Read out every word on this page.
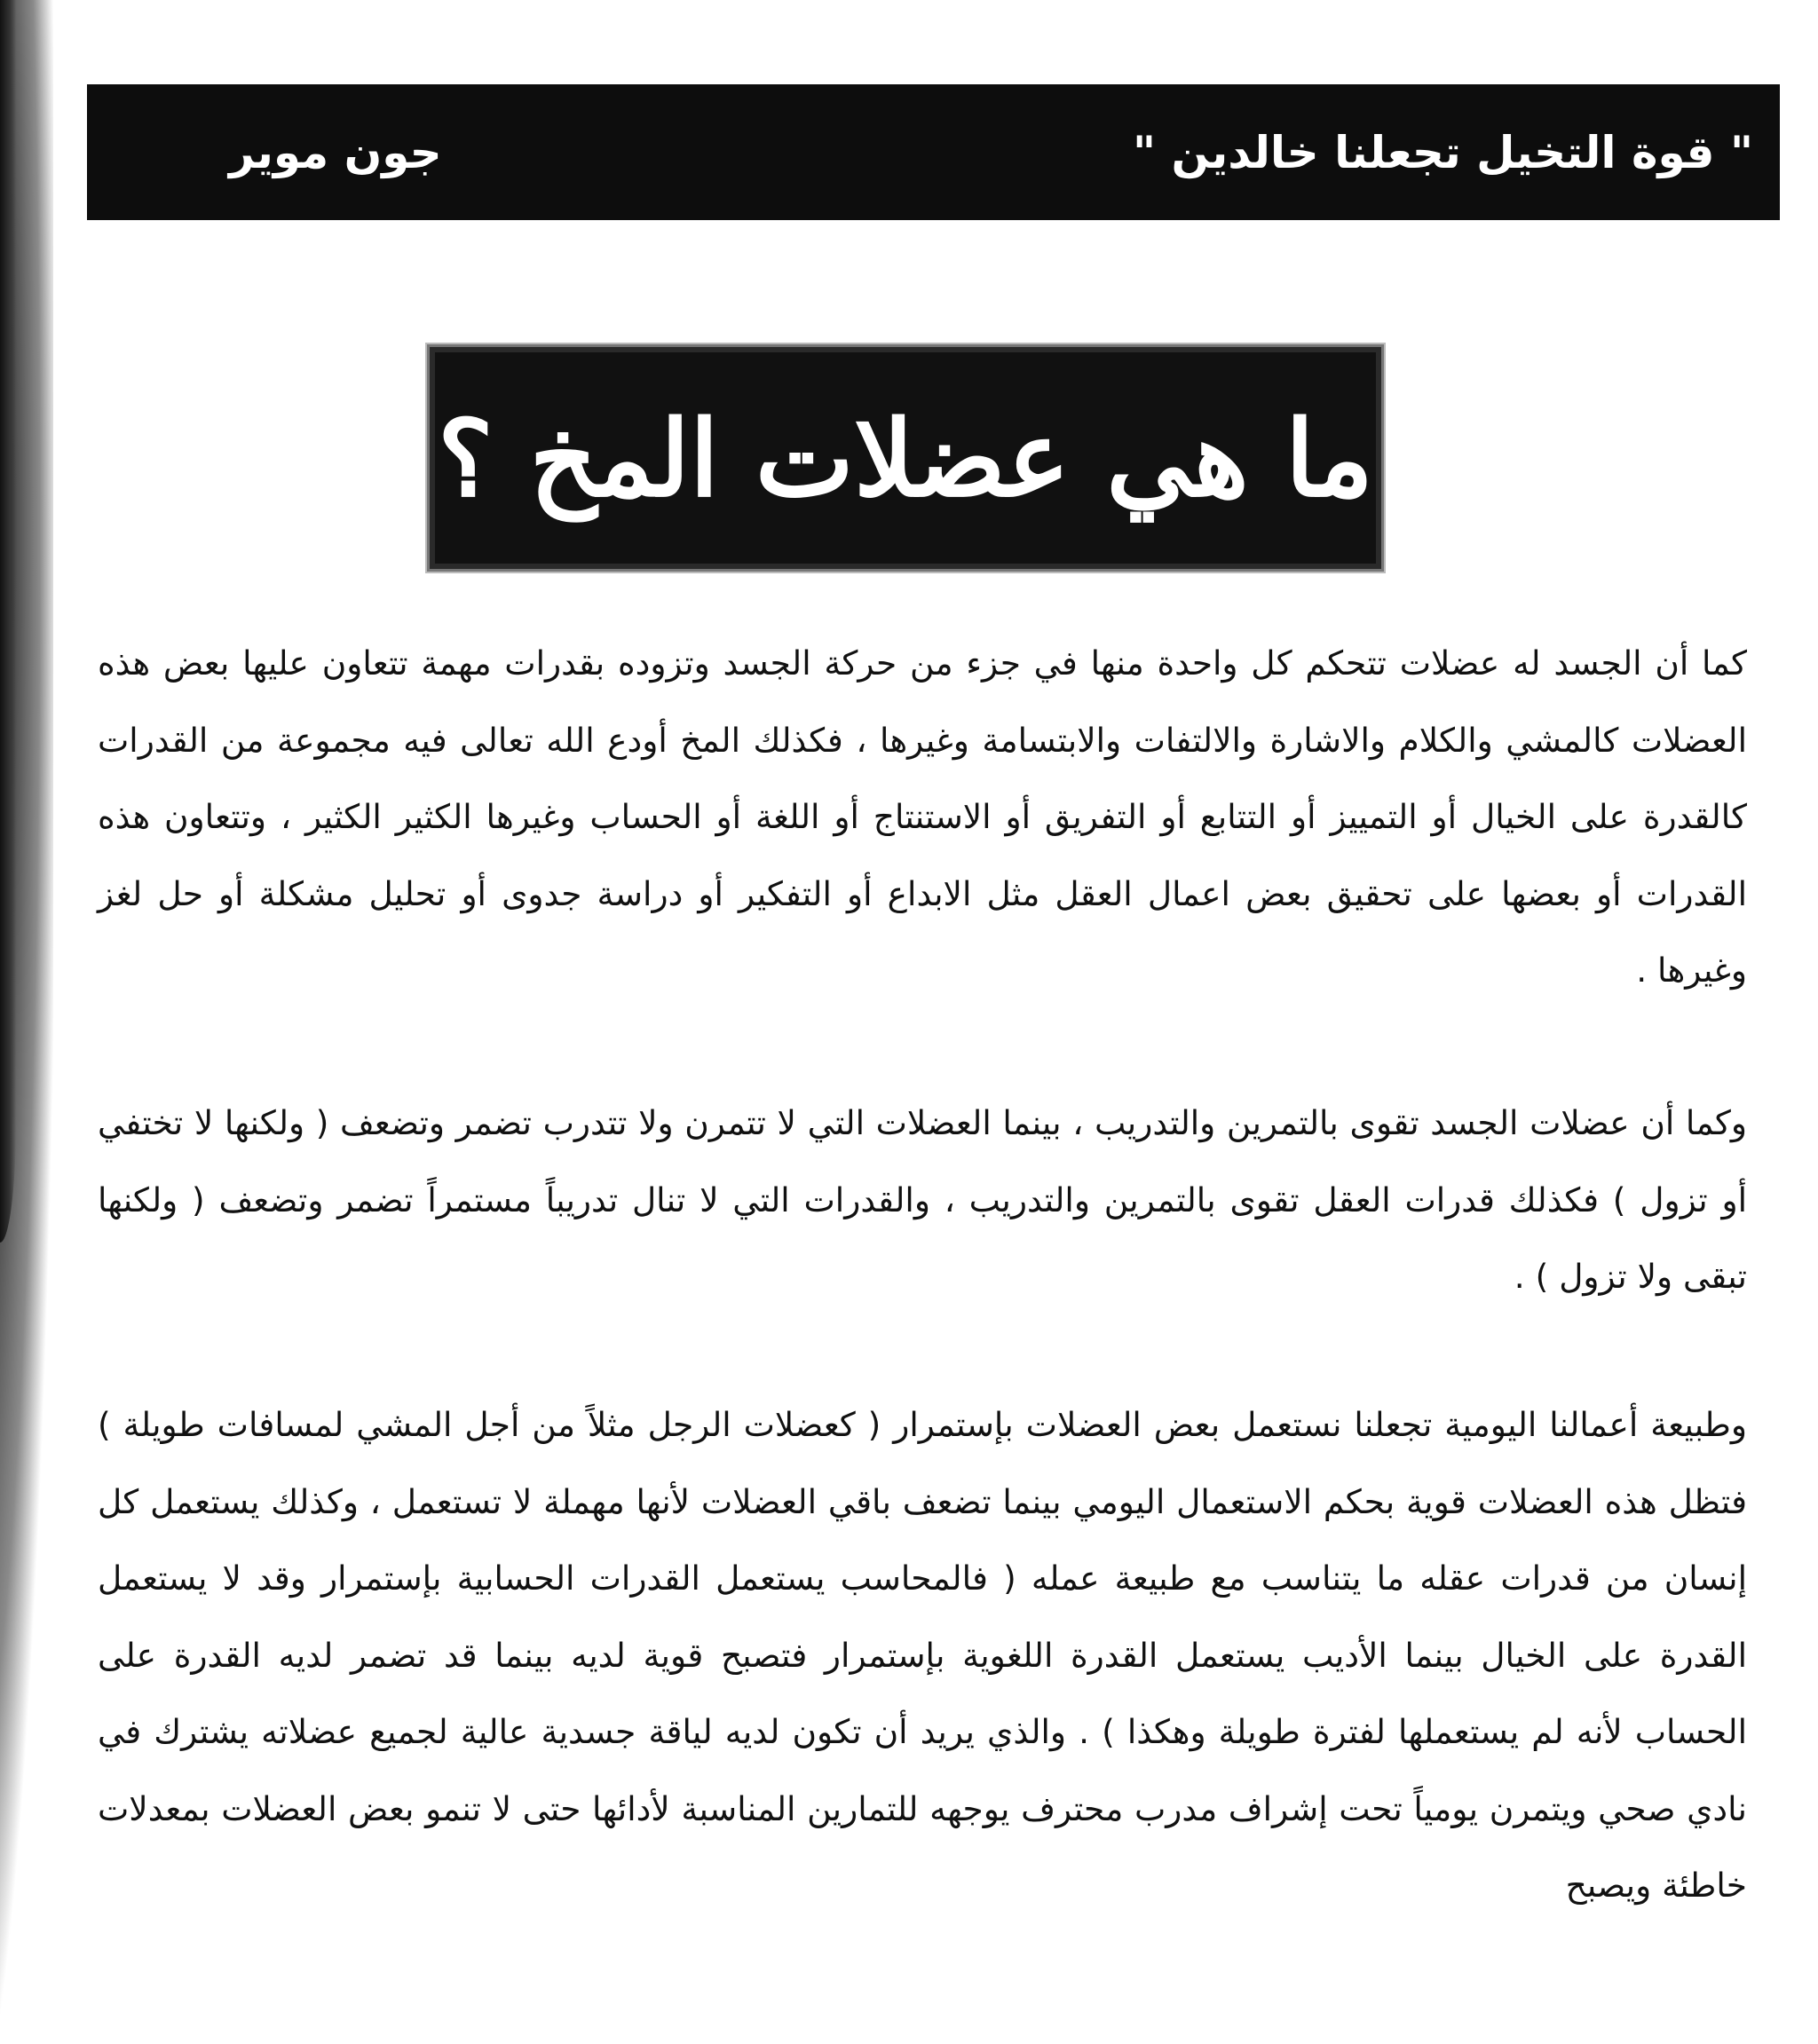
" قوة التخيل تجعلنا خالدين "
جون موير
ما هي عضلات المخ ؟

كما أن الجسد له عضلات تتحكم كل واحدة منها في جزء من حركة الجسد وتزوده بقدرات مهمة تتعاون عليها بعض هذه العضلات كالمشي والكلام والاشارة والالتفات والابتسامة وغيرها ، فكذلك المخ أودع الله تعالى فيه مجموعة من القدرات كالقدرة على الخيال أو التمييز أو التتابع أو التفريق أو الاستنتاج أو اللغة أو الحساب وغيرها الكثير الكثير ، وتتعاون هذه القدرات أو بعضها على تحقيق بعض اعمال العقل مثل الابداع أو التفكير أو دراسة جدوى أو تحليل مشكلة أو حل لغز وغيرها .

وكما أن عضلات الجسد تقوى بالتمرين والتدريب ، بينما العضلات التي لا تتمرن ولا تتدرب تضمر وتضعف ( ولكنها لا تختفي أو تزول ) فكذلك قدرات العقل تقوى بالتمرين والتدريب ، والقدرات التي لا تنال تدريباً مستمراً تضمر وتضعف ( ولكنها تبقى ولا تزول ) .

وطبيعة أعمالنا اليومية تجعلنا نستعمل بعض العضلات بإستمرار ( كعضلات الرجل مثلاً من أجل المشي لمسافات طويلة ) فتظل هذه العضلات قوية بحكم الاستعمال اليومي بينما تضعف باقي العضلات لأنها مهملة لا تستعمل ، وكذلك يستعمل كل إنسان من قدرات عقله ما يتناسب مع طبيعة عمله ( فالمحاسب يستعمل القدرات الحسابية بإستمرار وقد لا يستعمل القدرة على الخيال بينما الأديب يستعمل القدرة اللغوية بإستمرار فتصبح قوية لديه بينما قد تضمر لديه القدرة على الحساب لأنه لم يستعملها لفترة طويلة وهكذا ) . والذي يريد أن تكون لديه لياقة جسدية عالية لجميع عضلاته يشترك في نادي صحي ويتمرن يومياً تحت إشراف مدرب محترف يوجهه للتمارين المناسبة لأدائها حتى لا تنمو بعض العضلات بمعدلات خاطئة ويصبح
